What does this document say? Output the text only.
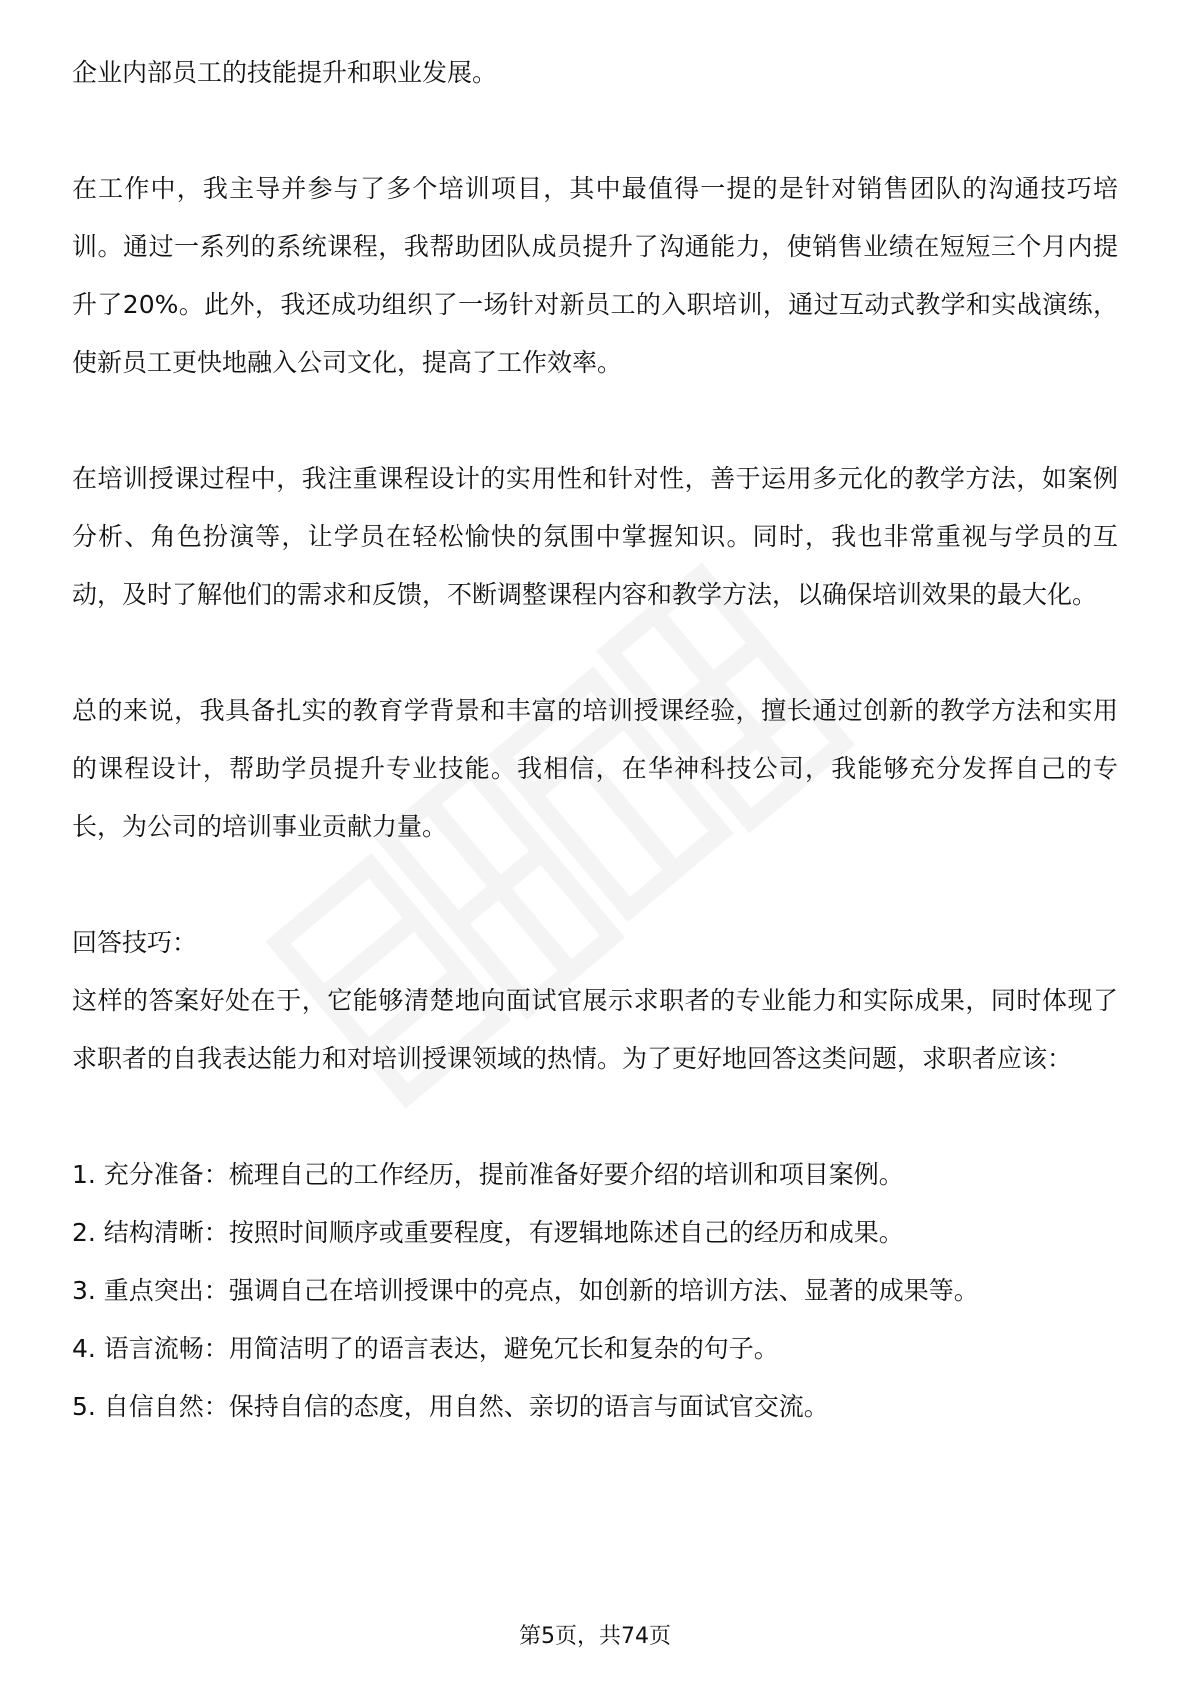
企业内部员工的技能提升和职业发展。

在工作中，我主导并参与了多个培训项目，其中最值得一提的是针对销售团队的沟通技巧培训。通过一系列的系统课程，我帮助团队成员提升了沟通能力，使销售业绩在短短三个月内提升了20%。此外，我还成功组织了一场针对新员工的入职培训，通过互动式教学和实战演练，使新员工更快地融入公司文化，提高了工作效率。

在培训授课过程中，我注重课程设计的实用性和针对性，善于运用多元化的教学方法，如案例分析、角色扮演等，让学员在轻松愉快的氛围中掌握知识。同时，我也非常重视与学员的互动，及时了解他们的需求和反馈，不断调整课程内容和教学方法，以确保培训效果的最大化。

总的来说，我具备扎实的教育学背景和丰富的培训授课经验，擅长通过创新的教学方法和实用的课程设计，帮助学员提升专业技能。我相信，在华神科技公司，我能够充分发挥自己的专长，为公司的培训事业贡献力量。

回答技巧：

这样的答案好处在于，它能够清楚地向面试官展示求职者的专业能力和实际成果，同时体现了求职者的自我表达能力和对培训授课领域的热情。为了更好地回答这类问题，求职者应该：

1. 充分准备：梳理自己的工作经历，提前准备好要介绍的培训和项目案例。

2. 结构清晰：按照时间顺序或重要程度，有逻辑地陈述自己的经历和成果。

3. 重点突出：强调自己在培训授课中的亮点，如创新的培训方法、显著的成果等。

4. 语言流畅：用简洁明了的语言表达，避免冗长和复杂的句子。

5. 自信自然：保持自信的态度，用自然、亲切的语言与面试官交流。

第5页，共74页
